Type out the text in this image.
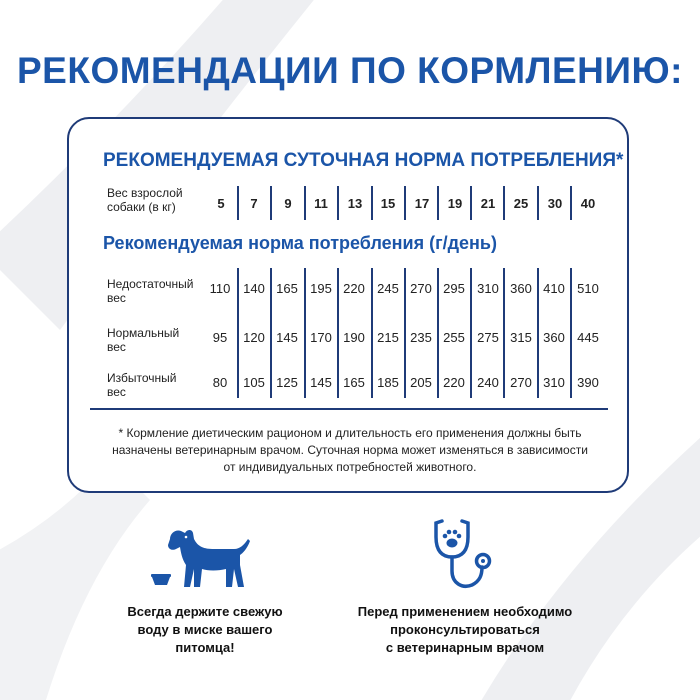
РЕКОМЕНДАЦИИ ПО КОРМЛЕНИЮ:
РЕКОМЕНДУЕМАЯ СУТОЧНАЯ НОРМА ПОТРЕБЛЕНИЯ*
Вес взрослой
собаки (в кг)	5	7	9	11	13	15	17	19	21	25	30	40
Рекомендуемая норма потребления (г/день)
Недостаточный
вес
110 140 165 195 220 245 270 295 310 360 410 510
Нормальный
вес
95	120 145 170 190 215 235 255 275 315 360 445
Избыточный
вес
80	105 125 145 165 185 205 220 240 270 310 390
* Кормление диетическим рационом и длительность его применения должны быть
назначены ветеринарным врачом. Суточная норма может изменяться в зависимости
от индивидуальных потребностей животного.
Всегда держите свежую
воду в миске вашего
питомца!
Перед применением необходимо
проконсультироваться
с ветеринарным врачом
